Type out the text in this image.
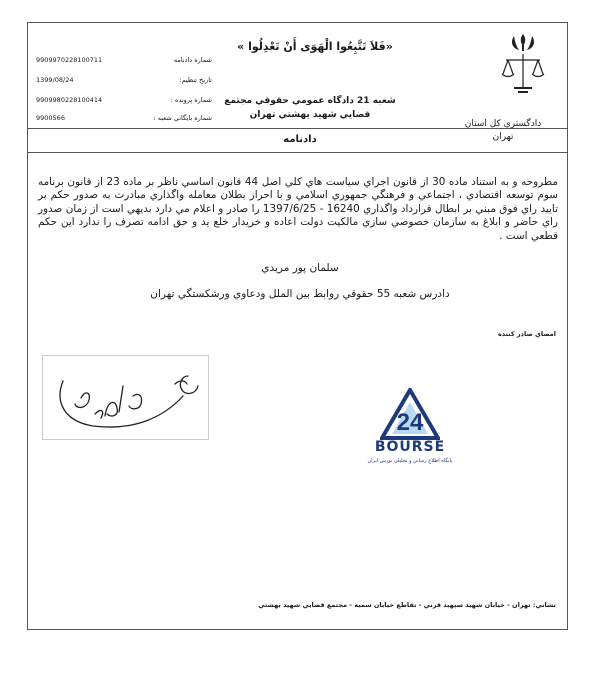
«فَلاَ تَتَّبِعُوا الْهَوَى أَنْ تَعْدِلُوا »
شعبه 21 دادگاه عمومي حقوقي مجتمع
قضايي شهيد بهشتي تهران
دادگستري كل استان
تهران
9909970228100711	شماره دادنامه
1399/08/24	تاريخ تنظيم:
9909980228100414	شماره پرونده :
9900566	شماره بايگاني شعبه :
دادنامه
مطروحه و به استناد ماده 30 از قانون اجراي سياست هاي كلي اصل 44 قانون اساسي ناظر بر ماده 23 از قانون برنامه سوم توسعه اقتصادي ، اجتماعي و فرهنگي جمهوري اسلامي و با احراز بطلان معامله واگذاري مبادرت به صدور حكم بر تاييد راي فوق مبني بر ابطال قرارداد واگذاري 16240 - 1397/6/25 را صادر و اعلام مي دارد بديهي است از زمان صدور راي حاضر و ابلاغ به سازمان خصوصي سازي مالكيت دولت اعاده و خريدار خلع يد و حق ادامه تصرف را ندارد اين حكم قطعي است .
سلمان پور مريدي
دادرس شعبه 55 حقوقي روابط بين الملل ودعاوي ورشكستگي تهران
امضاي صادر كننده
24
BOURSE
پايگاه اطلاع رساني و تحليلي بورس ايران
نشاني: تهران - خيابان شهيد سپهبد قرني - تقاطع خيابان سميه - مجتمع قضايي شهيد بهشتي
